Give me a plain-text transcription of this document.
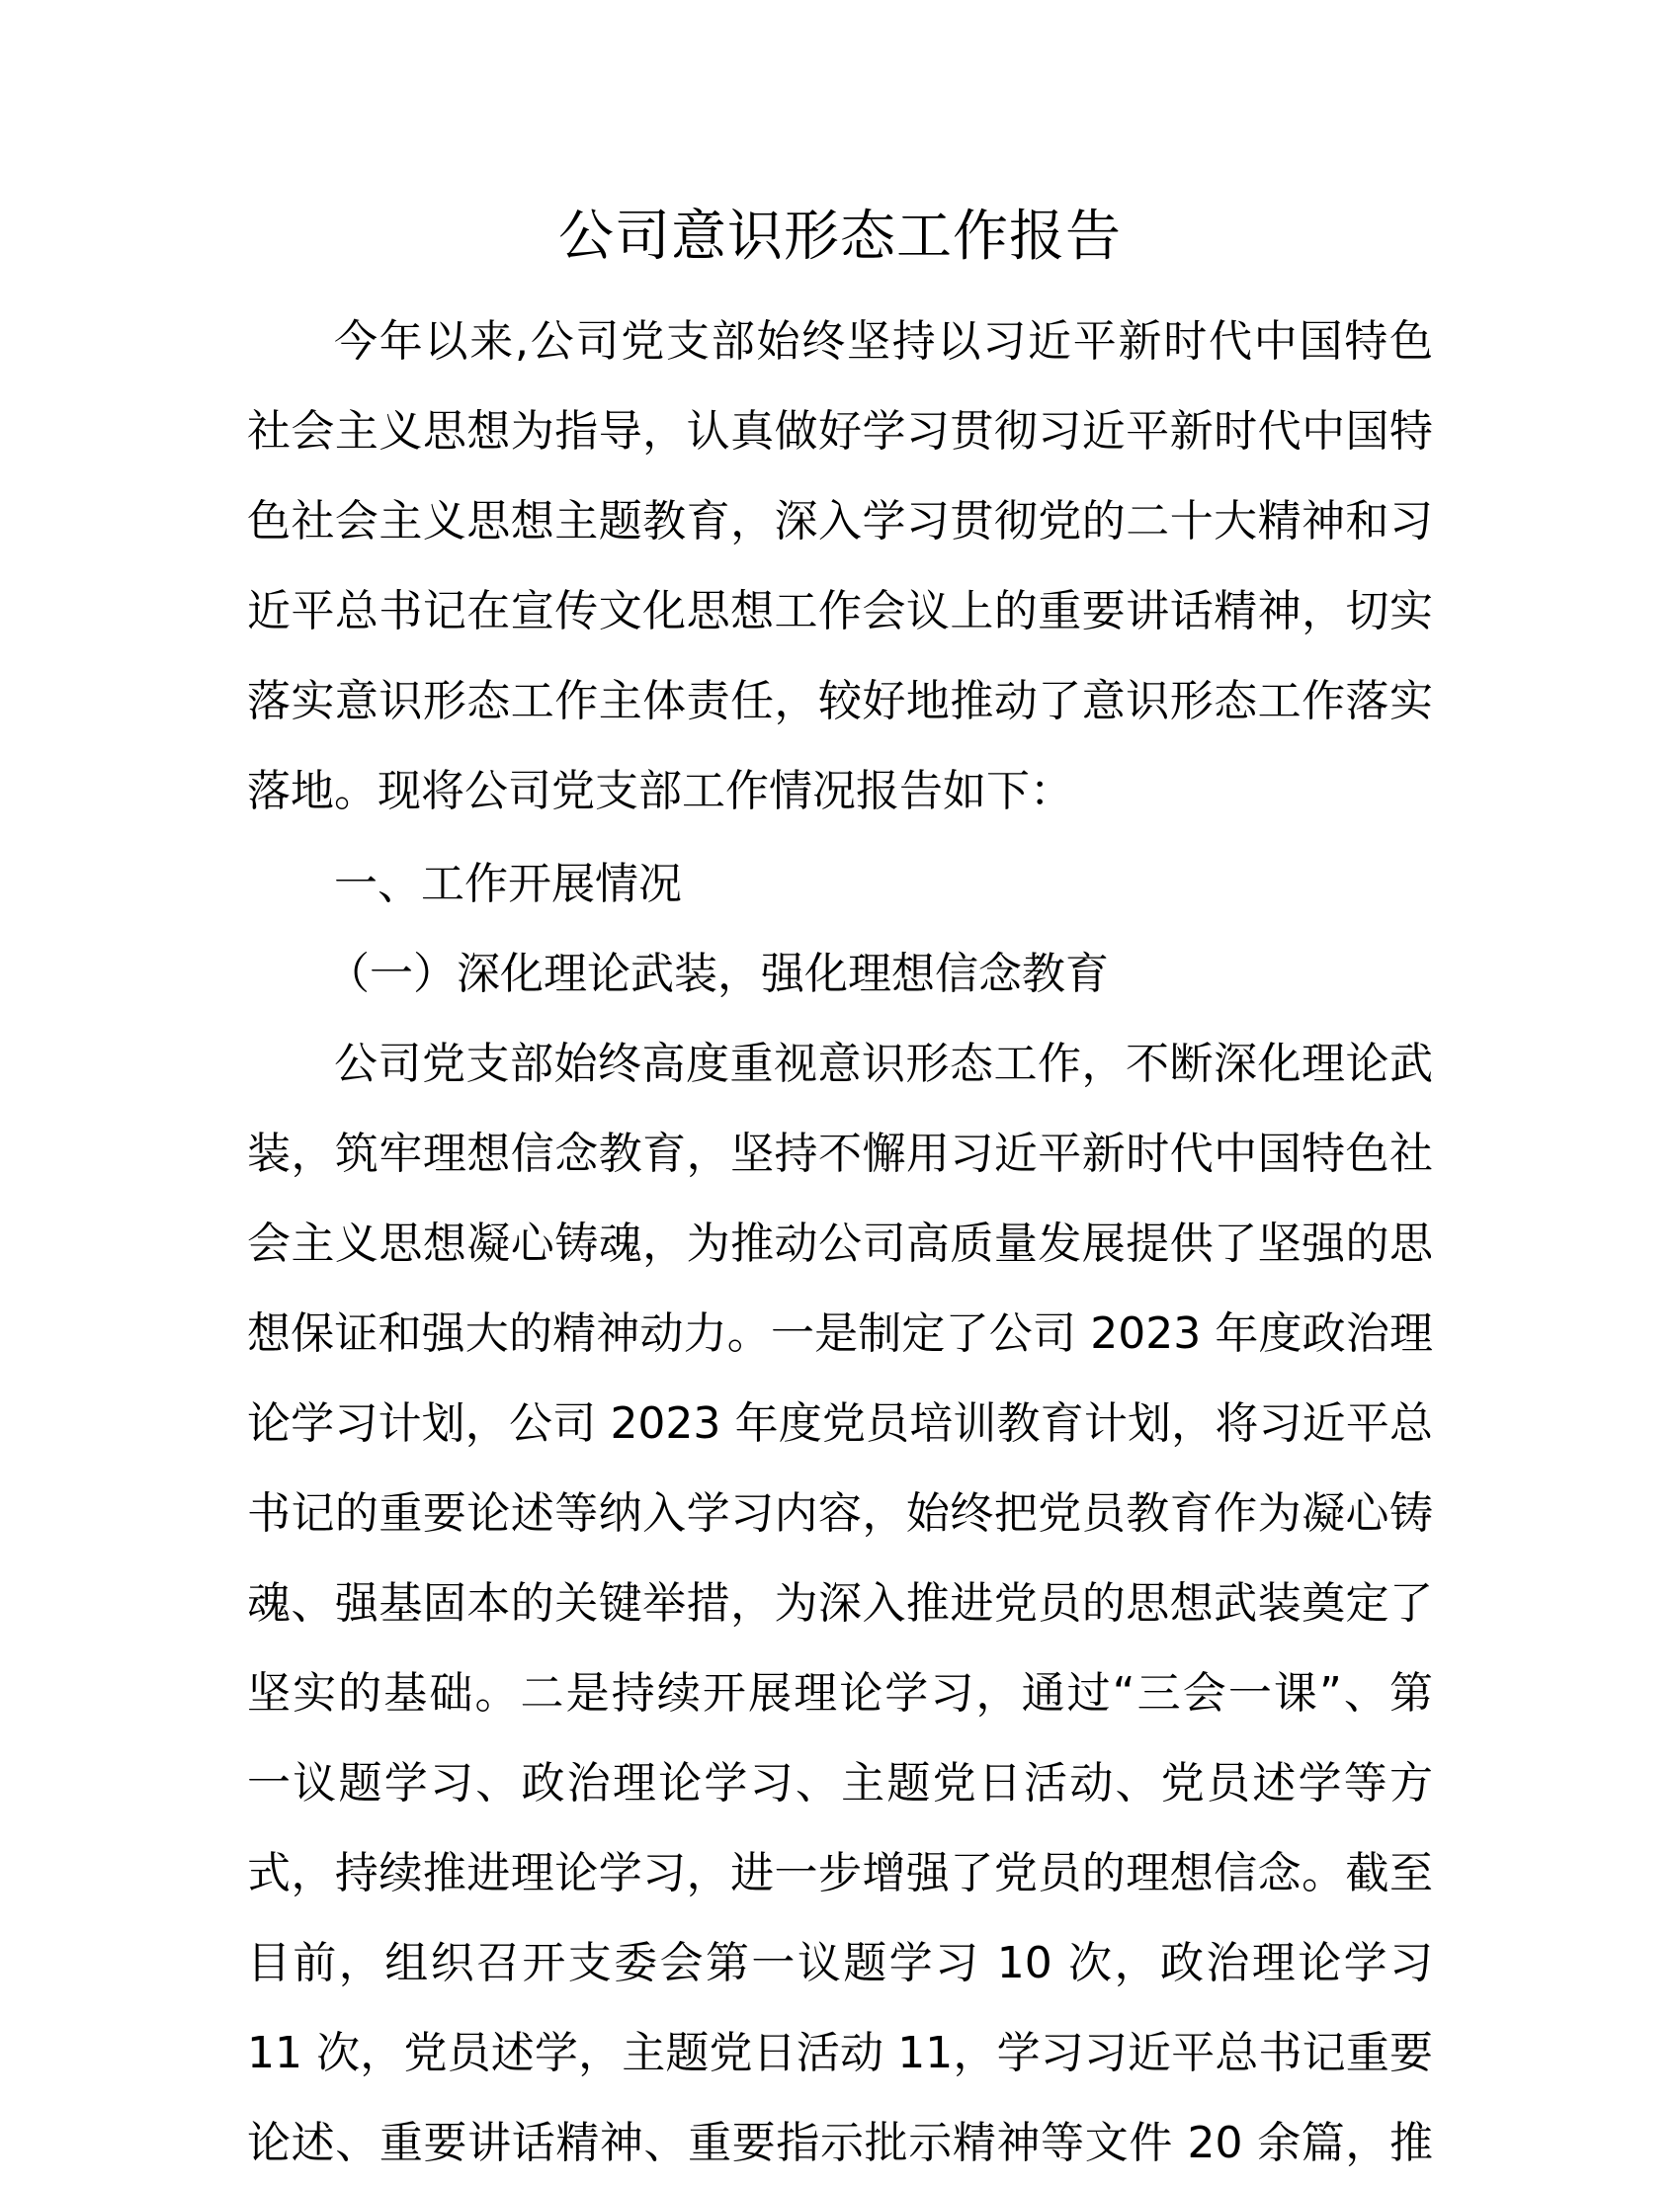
公司意识形态工作报告
今年以来,公司党支部始终坚持以习近平新时代中国特色
社会主义思想为指导，认真做好学习贯彻习近平新时代中国特
色社会主义思想主题教育，深入学习贯彻党的二十大精神和习
近平总书记在宣传文化思想工作会议上的重要讲话精神，切实
落实意识形态工作主体责任，较好地推动了意识形态工作落实
落地。现将公司党支部工作情况报告如下：
一、工作开展情况
（一）深化理论武装，强化理想信念教育
公司党支部始终高度重视意识形态工作，不断深化理论武
装，筑牢理想信念教育，坚持不懈用习近平新时代中国特色社
会主义思想凝心铸魂，为推动公司高质量发展提供了坚强的思
想保证和强大的精神动力。一是制定了公司 2023 年度政治理
论学习计划，公司 2023 年度党员培训教育计划，将习近平总
书记的重要论述等纳入学习内容，始终把党员教育作为凝心铸
魂、强基固本的关键举措，为深入推进党员的思想武装奠定了
坚实的基础。二是持续开展理论学习，通过“三会一课”、第
一议题学习、政治理论学习、主题党日活动、党员述学等方
式，持续推进理论学习，进一步增强了党员的理想信念。截至
目前，组织召开支委会第一议题学习 10 次，政治理论学习
11 次，党员述学，主题党日活动 11，学习习近平总书记重要
论述、重要讲话精神、重要指示批示精神等文件 20 余篇，推
